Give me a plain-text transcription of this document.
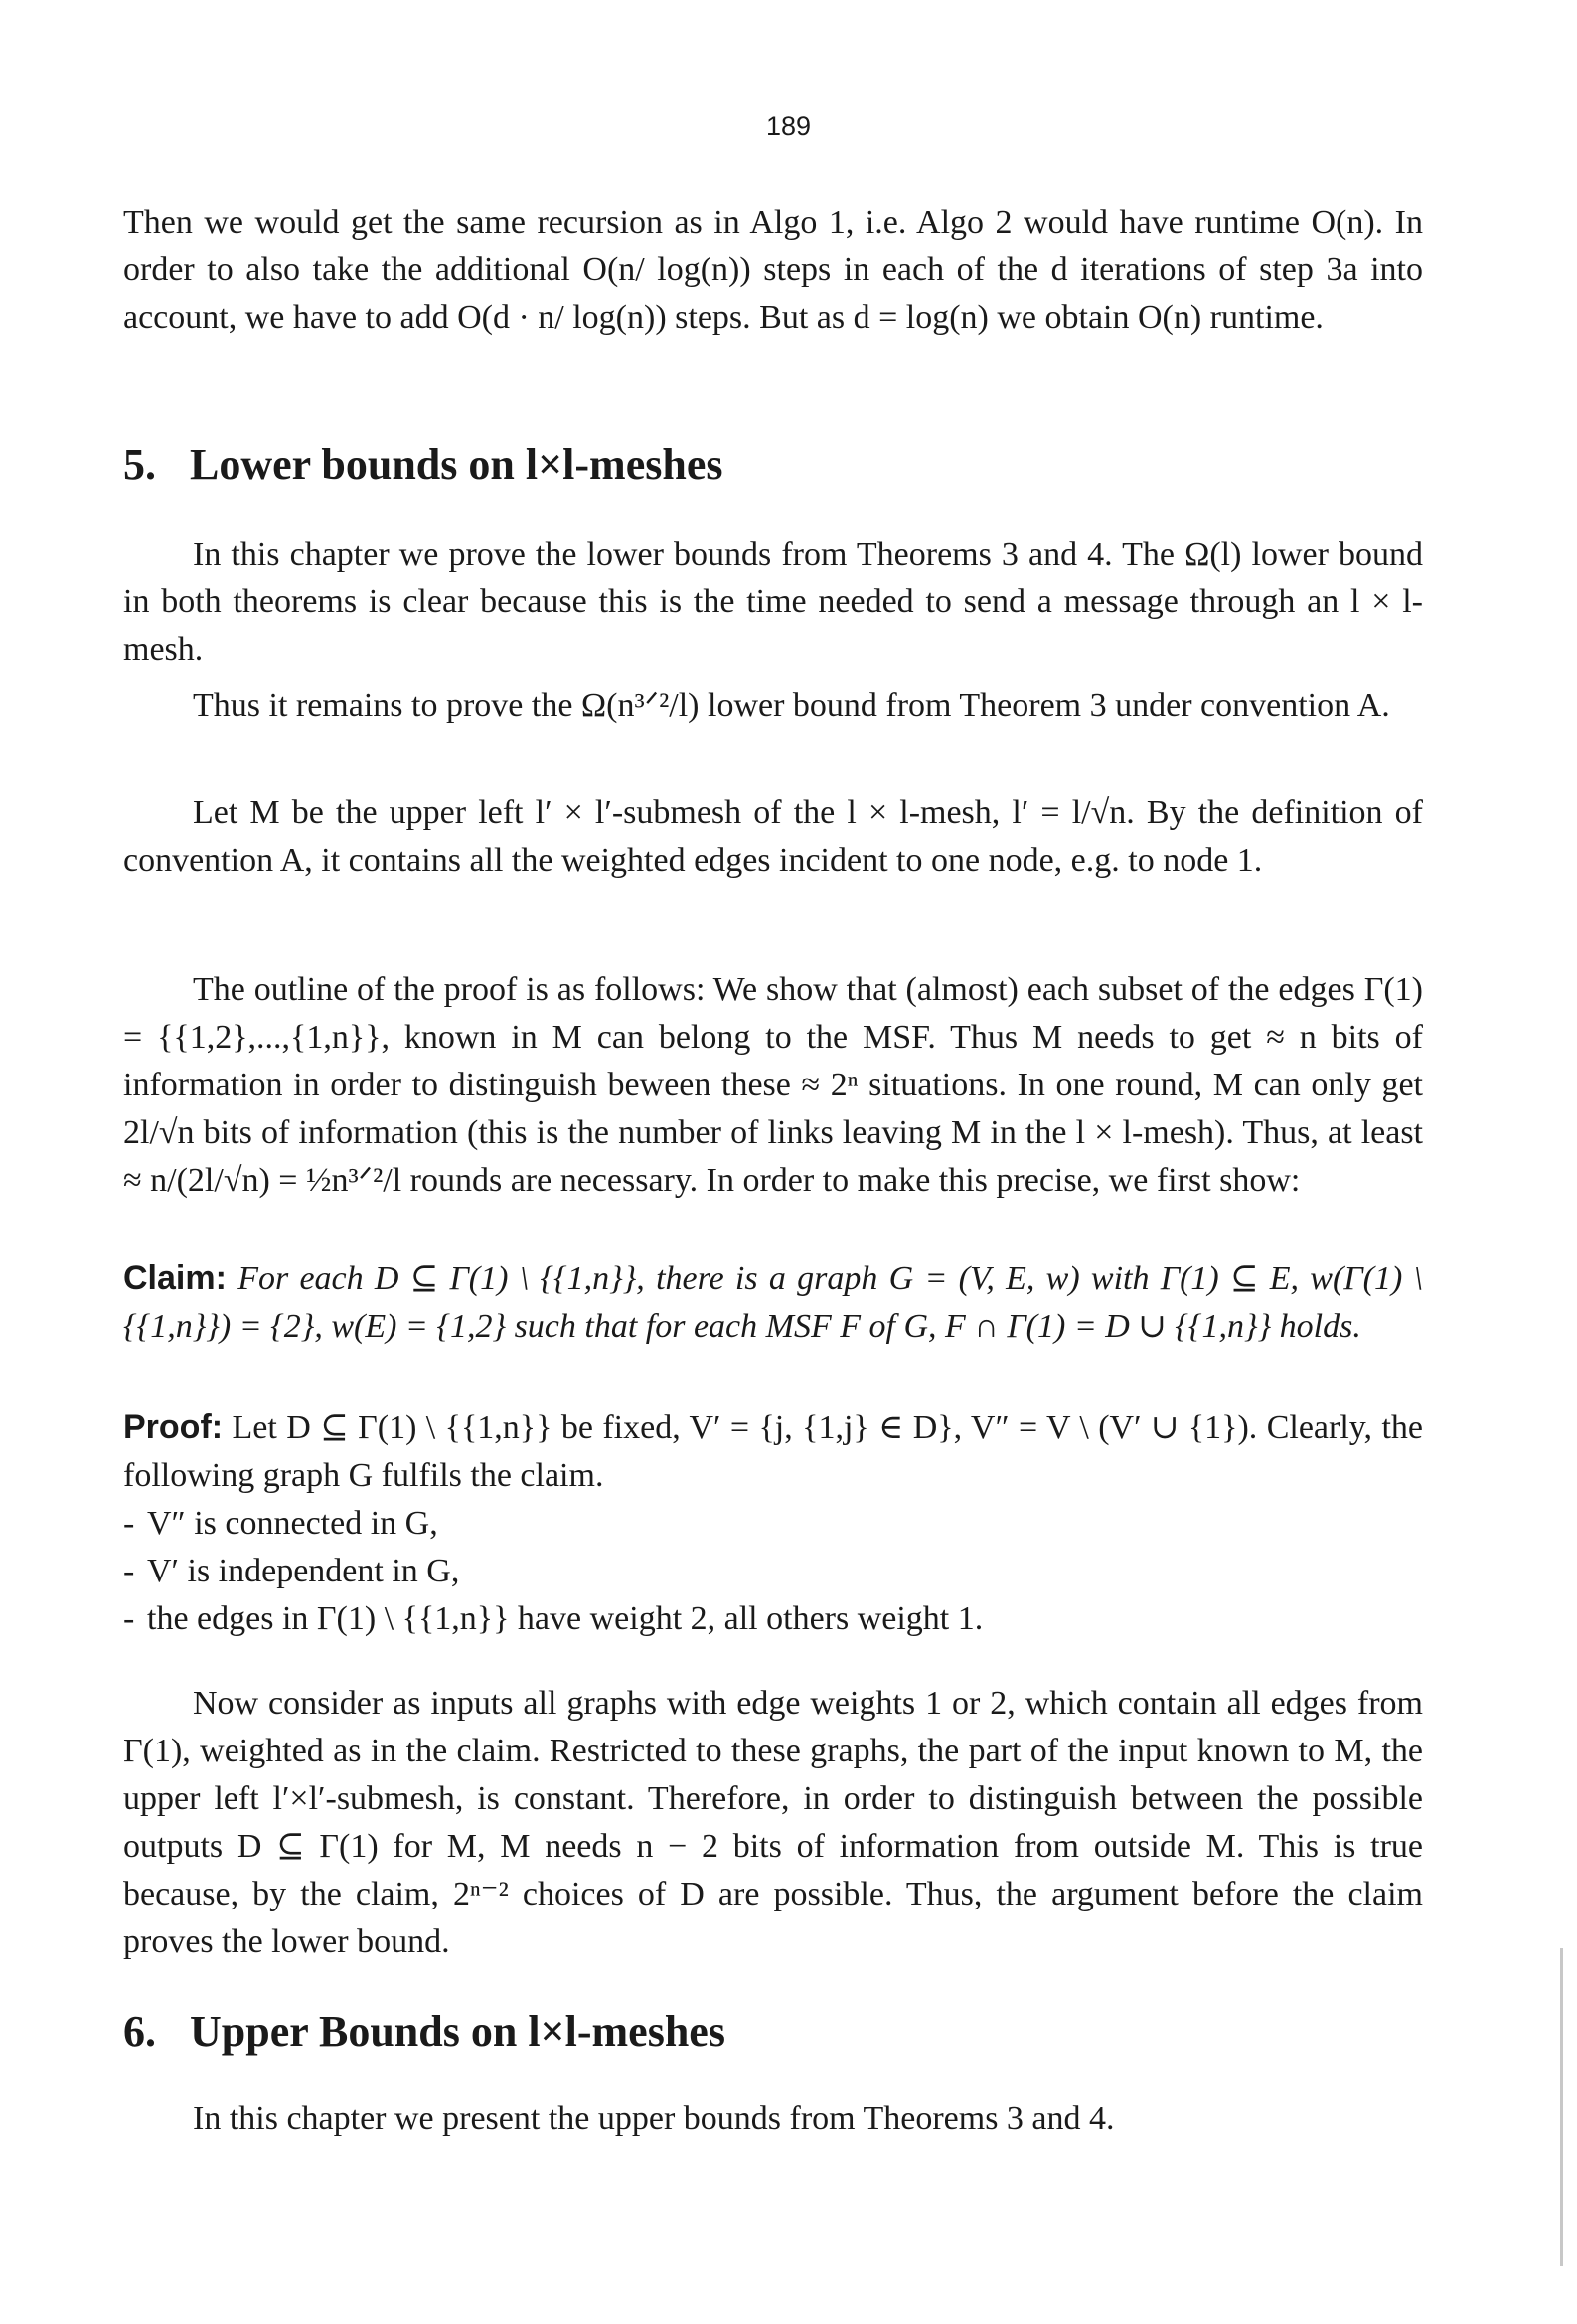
189

Then we would get the same recursion as in Algo 1, i.e. Algo 2 would have runtime O(n). In order to also take the additional O(n/ log(n)) steps in each of the d iterations of step 3a into account, we have to add O(d · n/ log(n)) steps. But as d = log(n) we obtain O(n) runtime.

5. Lower bounds on l×l-meshes

In this chapter we prove the lower bounds from Theorems 3 and 4. The Ω(l) lower bound in both theorems is clear because this is the time needed to send a message through an l × l-mesh.

Thus it remains to prove the Ω(n³ᐟ²/l) lower bound from Theorem 3 under convention A.

Let M be the upper left l′ × l′-submesh of the l × l-mesh, l′ = l/√n. By the definition of convention A, it contains all the weighted edges incident to one node, e.g. to node 1.

The outline of the proof is as follows: We show that (almost) each subset of the edges Γ(1) = {{1,2},...,{1,n}}, known in M can belong to the MSF. Thus M needs to get ≈ n bits of information in order to distinguish beween these ≈ 2ⁿ situations. In one round, M can only get 2l/√n bits of information (this is the number of links leaving M in the l × l-mesh). Thus, at least ≈ n/(2l/√n) = ½n³ᐟ²/l rounds are necessary. In order to make this precise, we first show:

Claim: For each D ⊆ Γ(1) \ {{1,n}}, there is a graph G = (V, E, w) with Γ(1) ⊆ E, w(Γ(1) \ {{1,n}}) = {2}, w(E) = {1,2} such that for each MSF F of G, F ∩ Γ(1) = D ∪ {{1,n}} holds.

Proof: Let D ⊆ Γ(1) \ {{1,n}} be fixed, V′ = {j, {1,j} ∈ D}, V″ = V \ (V′ ∪ {1}). Clearly, the following graph G fulfils the claim.

- V″ is connected in G,
- V′ is independent in G,
- the edges in Γ(1) \ {{1,n}} have weight 2, all others weight 1.

Now consider as inputs all graphs with edge weights 1 or 2, which contain all edges from Γ(1), weighted as in the claim. Restricted to these graphs, the part of the input known to M, the upper left l′×l′-submesh, is constant. Therefore, in order to distinguish between the possible outputs D ⊆ Γ(1) for M, M needs n − 2 bits of information from outside M. This is true because, by the claim, 2ⁿ⁻² choices of D are possible. Thus, the argument before the claim proves the lower bound.

6. Upper Bounds on l×l-meshes

In this chapter we present the upper bounds from Theorems 3 and 4.
